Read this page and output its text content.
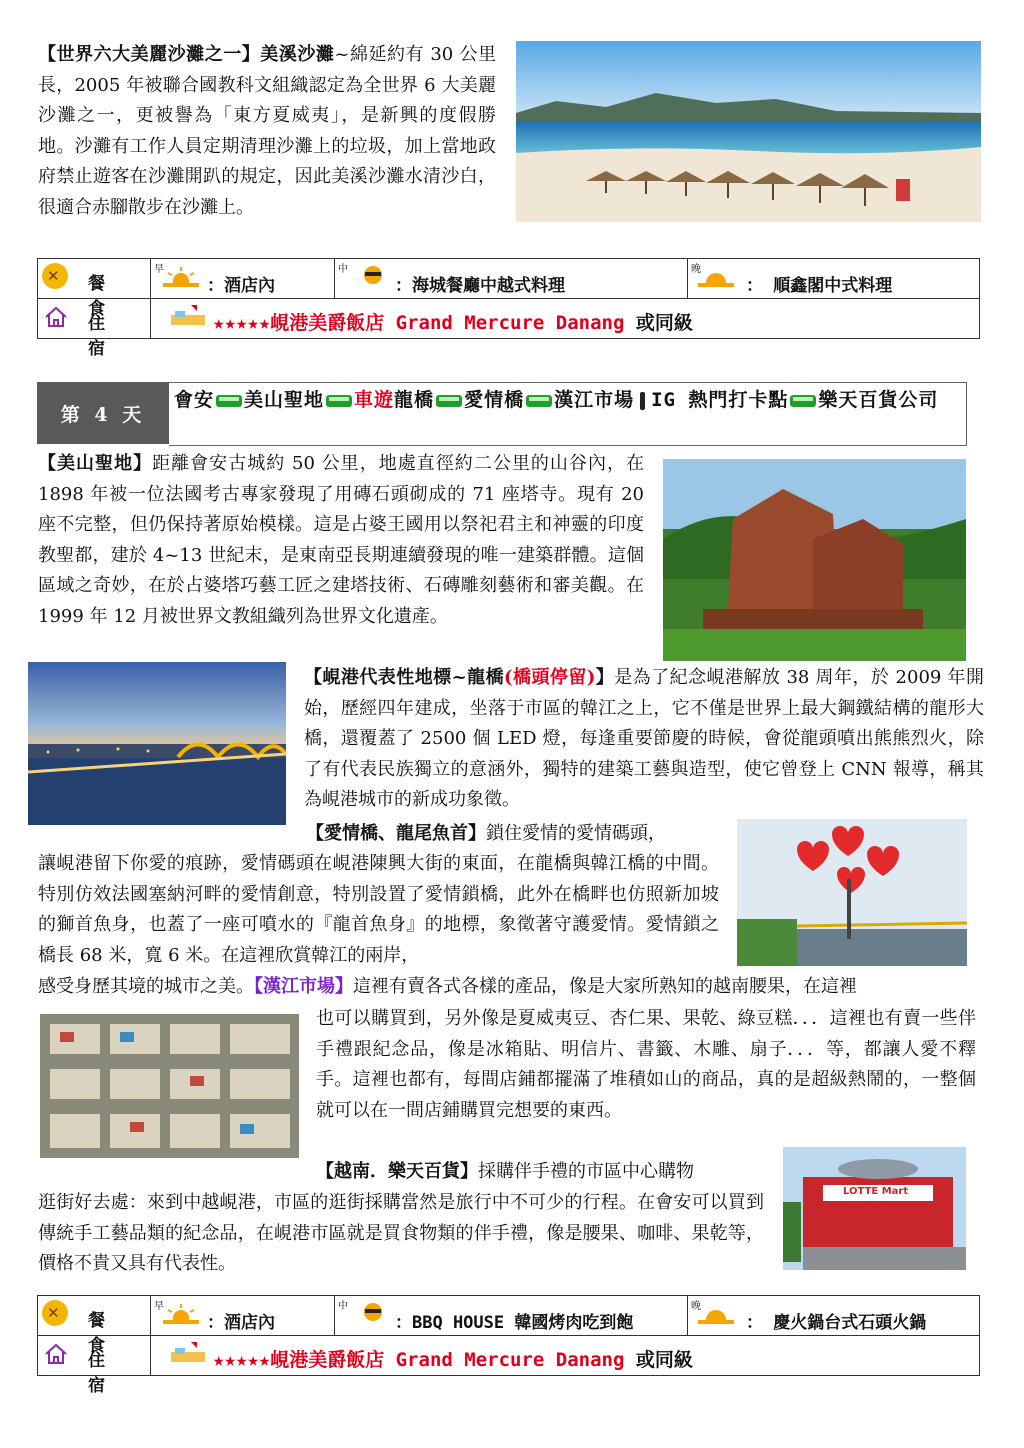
【世界六大美麗沙灘之一】美溪沙灘~綿延約有 30 公里長，2005 年被聯合國教科文組織認定為全世界 6 大美麗沙灘之一，更被譽為「東方夏威夷」，是新興的度假勝地。沙灘有工作人員定期清理沙灘上的垃圾，加上當地政府禁止遊客在沙灘開趴的規定，因此美溪沙灘水清沙白，很適合赤腳散步在沙灘上。
✕ 餐 食
早
：酒店內
中
：海城餐廳中越式料理
晚
： 順鑫閣中式料理
住 宿
★★★★★峴港美爵飯店 Grand Mercure Danang 或同級
第 4 天
會安 美山聖地 車遊龍橋 愛情橋 漢江市場 IG 熱門打卡點 樂天百貨公司
【美山聖地】距離會安古城約 50 公里，地處直徑約二公里的山谷內，在 1898 年被一位法國考古專家發現了用磚石頭砌成的 71 座塔寺。現有 20 座不完整，但仍保持著原始模樣。這是占婆王國用以祭祀君主和神靈的印度教聖都，建於 4~13 世紀末，是東南亞長期連續發現的唯一建築群體。這個區域之奇妙，在於占婆塔巧藝工匠之建塔技術、石磚雕刻藝術和審美觀。在 1999 年 12 月被世界文教組織列為世界文化遺產。
【峴港代表性地標~龍橋(橋頭停留)】是為了紀念峴港解放 38 周年，於 2009 年開始，歷經四年建成，坐落于市區的韓江之上，它不僅是世界上最大鋼鐵結構的龍形大橋，還覆蓋了 2500 個 LED 燈，每逢重要節慶的時候，會從龍頭噴出熊熊烈火，除了有代表民族獨立的意涵外，獨特的建築工藝與造型，使它曾登上 CNN 報導，稱其為峴港城市的新成功象徵。
【愛情橋、龍尾魚首】鎖住愛情的愛情碼頭，
讓峴港留下你愛的痕跡，愛情碼頭在峴港陳興大街的東面，在龍橋與韓江橋的中間。特別仿效法國塞納河畔的愛情創意，特別設置了愛情鎖橋，此外在橋畔也仿照新加坡的獅首魚身，也蓋了一座可噴水的『龍首魚身』的地標，象徵著守護愛情。愛情鎖之橋長 68 米，寬 6 米。在這裡欣賞韓江的兩岸，
感受身歷其境的城市之美。【漢江市場】這裡有賣各式各樣的產品，像是大家所熟知的越南腰果，在這裡
也可以購買到，另外像是夏威夷豆、杏仁果、果乾、綠豆糕．．．這裡也有賣一些伴手禮跟紀念品，像是冰箱貼、明信片、書籤、木雕、扇子．．．等，都讓人愛不釋手。這裡也都有，每間店鋪都擺滿了堆積如山的商品，真的是超級熱鬧的，一整個就可以在一間店鋪購買完想要的東西。
【越南．樂天百貨】採購伴手禮的市區中心購物
逛街好去處：來到中越峴港，市區的逛街採購當然是旅行中不可少的行程。在會安可以買到傳統手工藝品類的紀念品，在峴港市區就是買食物類的伴手禮，像是腰果、咖啡、果乾等，價格不貴又具有代表性。
LOTTE Mart
✕ 餐 食
早
：酒店內
中
：BBQ HOUSE 韓國烤肉吃到飽
晚
： 慶火鍋台式石頭火鍋
住 宿
★★★★★峴港美爵飯店 Grand Mercure Danang 或同級
